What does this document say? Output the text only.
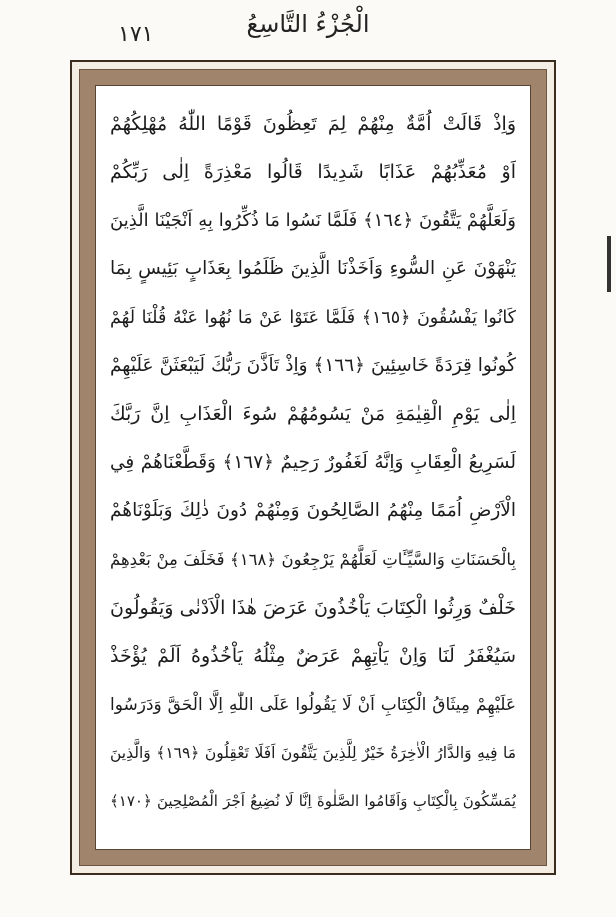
١٧١	الْجُزْءُ التَّاسِعُ
وَاِذْ قَالَتْ اُمَّةٌ مِنْهُمْ لِمَ تَعِظُونَ قَوْمًا اللّٰهُ مُهْلِكُهُمْ
اَوْ مُعَذِّبُهُمْ عَذَابًا شَدِيدًا قَالُوا مَعْذِرَةً اِلٰى رَبِّكُمْ
وَلَعَلَّهُمْ يَتَّقُونَ ﴿١٦٤﴾ فَلَمَّا نَسُوا مَا ذُكِّرُوا بِهِ اَنْجَيْنَا الَّذِينَ
يَنْهَوْنَ عَنِ السُّوءِ وَاَخَذْنَا الَّذِينَ ظَلَمُوا بِعَذَابٍ بَئِيسٍ بِمَا
كَانُوا يَفْسُقُونَ ﴿١٦٥﴾ فَلَمَّا عَتَوْا عَنْ مَا نُهُوا عَنْهُ قُلْنَا لَهُمْ
كُونُوا قِرَدَةً خَاسِئِينَ ﴿١٦٦﴾ وَاِذْ تَاَذَّنَ رَبُّكَ لَيَبْعَثَنَّ عَلَيْهِمْ
اِلٰى يَوْمِ الْقِيٰمَةِ مَنْ يَسُومُهُمْ سُوءَ الْعَذَابِ اِنَّ رَبَّكَ
لَسَرِيعُ الْعِقَابِ وَاِنَّهُ لَغَفُورٌ رَحِيمٌ ﴿١٦٧﴾ وَقَطَّعْنَاهُمْ فِي
الْاَرْضِ اُمَمًا مِنْهُمُ الصَّالِحُونَ وَمِنْهُمْ دُونَ ذٰلِكَ وَبَلَوْنَاهُمْ
بِالْحَسَنَاتِ وَالسَّيِّـَٔاتِ لَعَلَّهُمْ يَرْجِعُونَ ﴿١٦٨﴾ فَخَلَفَ مِنْ بَعْدِهِمْ
خَلْفٌ وَرِثُوا الْكِتَابَ يَاْخُذُونَ عَرَضَ هٰذَا الْاَدْنٰى وَيَقُولُونَ
سَيُغْفَرُ لَنَا وَاِنْ يَاْتِهِمْ عَرَضٌ مِثْلُهُ يَاْخُذُوهُ اَلَمْ يُؤْخَذْ
عَلَيْهِمْ مِيثَاقُ الْكِتَابِ اَنْ لَا يَقُولُوا عَلَى اللّٰهِ اِلَّا الْحَقَّ وَدَرَسُوا
مَا فِيهِ وَالدَّارُ الْاٰخِرَةُ خَيْرٌ لِلَّذِينَ يَتَّقُونَ اَفَلَا تَعْقِلُونَ ﴿١٦٩﴾ وَالَّذِينَ
يُمَسِّكُونَ بِالْكِتَابِ وَاَقَامُوا الصَّلٰوةَ اِنَّا لَا نُضِيعُ اَجْرَ الْمُصْلِحِينَ ﴿١٧٠﴾
